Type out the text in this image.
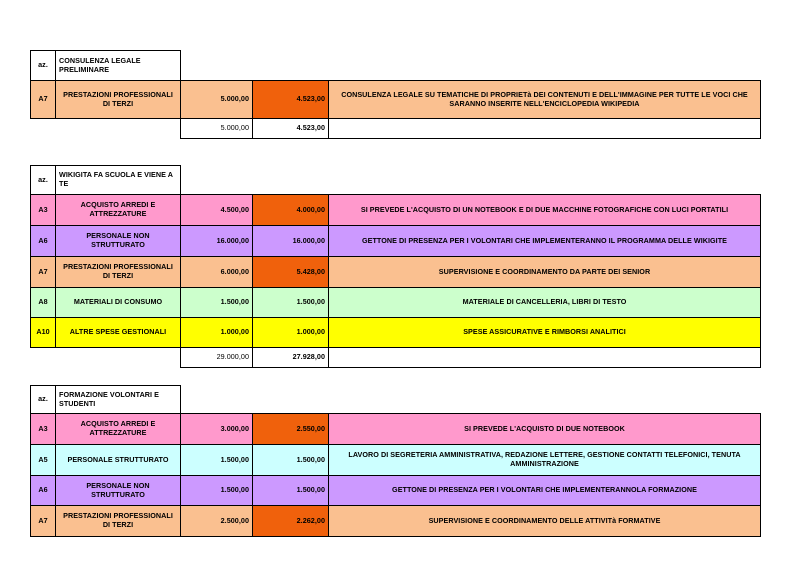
az.	CONSULENZA LEGALE PRELIMINARE			
A7	PRESTAZIONI PROFESSIONALI DI TERZI	5.000,00	4.523,00	CONSULENZA LEGALE SU TEMATICHE DI PROPRIETà DEI CONTENUTI E DELL'IMMAGINE PER TUTTE LE VOCI CHE SARANNO INSERITE NELL'ENCICLOPEDIA WIKIPEDIA
		5.000,00	4.523,00	
az.	WIKIGITA FA SCUOLA E VIENE A TE			
A3	ACQUISTO ARREDI E ATTREZZATURE	4.500,00	4.000,00	SI PREVEDE L'ACQUISTO DI UN NOTEBOOK E DI DUE MACCHINE FOTOGRAFICHE CON LUCI PORTATILI
A6	PERSONALE NON STRUTTURATO	16.000,00	16.000,00	GETTONE DI PRESENZA PER I VOLONTARI CHE IMPLEMENTERANNO IL PROGRAMMA DELLE WIKIGITE
A7	PRESTAZIONI PROFESSIONALI DI TERZI	6.000,00	5.428,00	SUPERVISIONE E COORDINAMENTO DA PARTE DEI SENIOR
A8	MATERIALI DI CONSUMO	1.500,00	1.500,00	MATERIALE DI CANCELLERIA, LIBRI DI TESTO
A10	ALTRE SPESE GESTIONALI	1.000,00	1.000,00	SPESE ASSICURATIVE E RIMBORSI ANALITICI
		29.000,00	27.928,00	
az.	FORMAZIONE VOLONTARI E STUDENTI			
A3	ACQUISTO ARREDI E ATTREZZATURE	3.000,00	2.550,00	SI PREVEDE L'ACQUISTO DI DUE NOTEBOOK
A5	PERSONALE STRUTTURATO	1.500,00	1.500,00	LAVORO DI SEGRETERIA AMMINISTRATIVA, REDAZIONE LETTERE, GESTIONE CONTATTI TELEFONICI, TENUTA AMMINISTRAZIONE
A6	PERSONALE NON STRUTTURATO	1.500,00	1.500,00	GETTONE DI PRESENZA PER I VOLONTARI CHE IMPLEMENTERANNOLA FORMAZIONE
A7	PRESTAZIONI PROFESSIONALI DI TERZI	2.500,00	2.262,00	SUPERVISIONE E COORDINAMENTO DELLE ATTIVITà FORMATIVE
